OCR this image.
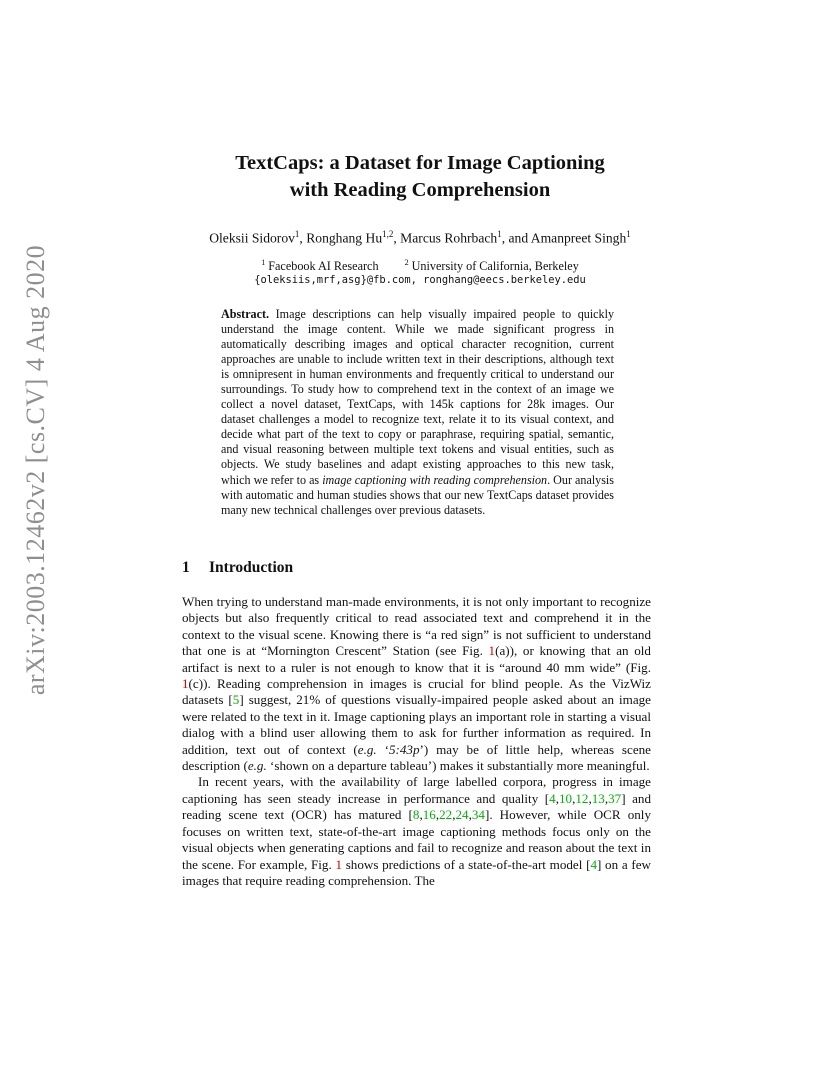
arXiv:2003.12462v2 [cs.CV] 4 Aug 2020
TextCaps: a Dataset for Image Captioning
with Reading Comprehension
Oleksii Sidorov$^1$, Ronghang Hu$^{1,2}$, Marcus Rohrbach$^1$, and Amanpreet Singh$^1$
$^1$ Facebook AI Research	$^2$ University of California, Berkeley
{oleksiis,mrf,asg}@fb.com, ronghang@eecs.berkeley.edu
Abstract. Image descriptions can help visually impaired people to quickly understand the image content. While we made significant progress in automatically describing images and optical character recognition, current approaches are unable to include written text in their descriptions, although text is omnipresent in human environments and frequently critical to understand our surroundings. To study how to comprehend text in the context of an image we collect a novel dataset, TextCaps, with 145k captions for 28k images. Our dataset challenges a model to recognize text, relate it to its visual context, and decide what part of the text to copy or paraphrase, requiring spatial, semantic, and visual reasoning between multiple text tokens and visual entities, such as objects. We study baselines and adapt existing approaches to this new task, which we refer to as image captioning with reading comprehension. Our analysis with automatic and human studies shows that our new TextCaps dataset provides many new technical challenges over previous datasets.
1 Introduction

When trying to understand man-made environments, it is not only important to recognize objects but also frequently critical to read associated text and comprehend it in the context to the visual scene. Knowing there is “a red sign” is not sufficient to understand that one is at “Mornington Crescent” Station (see Fig. 1(a)), or knowing that an old artifact is next to a ruler is not enough to know that it is “around 40 mm wide” (Fig. 1(c)). Reading comprehension in images is crucial for blind people. As the VizWiz datasets [5] suggest, 21% of questions visually-impaired people asked about an image were related to the text in it. Image captioning plays an important role in starting a visual dialog with a blind user allowing them to ask for further information as required. In addition, text out of context (e.g. ‘5:43p’) may be of little help, whereas scene description (e.g. ‘shown on a departure tableau’) makes it substantially more meaningful.

In recent years, with the availability of large labelled corpora, progress in image captioning has seen steady increase in performance and quality [4,10,12,13,37] and reading scene text (OCR) has matured [8,16,22,24,34]. However, while OCR only focuses on written text, state-of-the-art image captioning methods focus only on the visual objects when generating captions and fail to recognize and reason about the text in the scene. For example, Fig. 1 shows predictions of a state-of-the-art model [4] on a few images that require reading comprehension. The
